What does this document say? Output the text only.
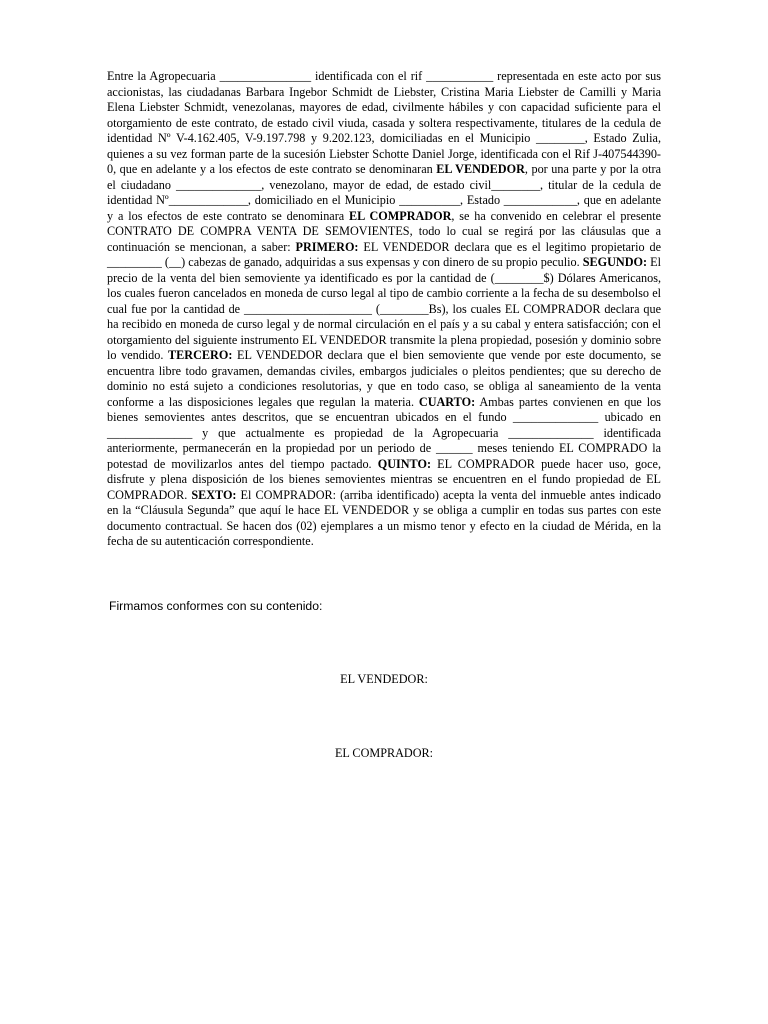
Entre la Agropecuaria _______________ identificada con el rif ___________ representada en este acto por sus accionistas, las ciudadanas Barbara Ingebor Schmidt de Liebster, Cristina Maria Liebster de Camilli y Maria Elena Liebster Schmidt, venezolanas, mayores de edad, civilmente hábiles y con capacidad suficiente para el otorgamiento de este contrato, de estado civil viuda, casada y soltera respectivamente, titulares de la cedula de identidad Nº V-4.162.405, V-9.197.798 y 9.202.123, domiciliadas en el Municipio ________, Estado Zulia, quienes a su vez forman parte de la sucesión Liebster Schotte Daniel Jorge, identificada con el Rif J-407544390-0, que en adelante y a los efectos de este contrato se denominaran EL VENDEDOR, por una parte y por la otra el ciudadano ______________, venezolano, mayor de edad, de estado civil________, titular de la cedula de identidad Nº_____________, domiciliado en el Municipio __________, Estado ____________, que en adelante y a los efectos de este contrato se denominara EL COMPRADOR, se ha convenido en celebrar el presente CONTRATO DE COMPRA VENTA DE SEMOVIENTES, todo lo cual se regirá por las cláusulas que a continuación se mencionan, a saber: PRIMERO: EL VENDEDOR declara que es el legitimo propietario de _________ (__) cabezas de ganado, adquiridas a sus expensas y con dinero de su propio peculio. SEGUNDO: El precio de la venta del bien semoviente ya identificado es por la cantidad de (________$) Dólares Americanos, los cuales fueron cancelados en moneda de curso legal al tipo de cambio corriente a la fecha de su desembolso el cual fue por la cantidad de _____________________ (________Bs), los cuales EL COMPRADOR declara que ha recibido en moneda de curso legal y de normal circulación en el país y a su cabal y entera satisfacción; con el otorgamiento del siguiente instrumento EL VENDEDOR transmite la plena propiedad, posesión y dominio sobre lo vendido. TERCERO: EL VENDEDOR declara que el bien semoviente que vende por este documento, se encuentra libre todo gravamen, demandas civiles, embargos judiciales o pleitos pendientes; que su derecho de dominio no está sujeto a condiciones resolutorias, y que en todo caso, se obliga al saneamiento de la venta conforme a las disposiciones legales que regulan la materia. CUARTO: Ambas partes convienen en que los bienes semovientes antes descritos, que se encuentran ubicados en el fundo ______________ ubicado en ______________ y que actualmente es propiedad de la Agropecuaria ______________ identificada anteriormente, permanecerán en la propiedad por un periodo de ______ meses teniendo EL COMPRADO la potestad de movilizarlos antes del tiempo pactado. QUINTO: EL COMPRADOR puede hacer uso, goce, disfrute y plena disposición de los bienes semovientes mientras se encuentren en el fundo propiedad de EL COMPRADOR. SEXTO: El COMPRADOR: (arriba identificado) acepta la venta del inmueble antes indicado en la “Cláusula Segunda” que aquí le hace EL VENDEDOR y se obliga a cumplir en todas sus partes con este documento contractual. Se hacen dos (02) ejemplares a un mismo tenor y efecto en la ciudad de Mérida, en la fecha de su autenticación correspondiente.

Firmamos conformes con su contenido:

EL VENDEDOR:

EL COMPRADOR:
